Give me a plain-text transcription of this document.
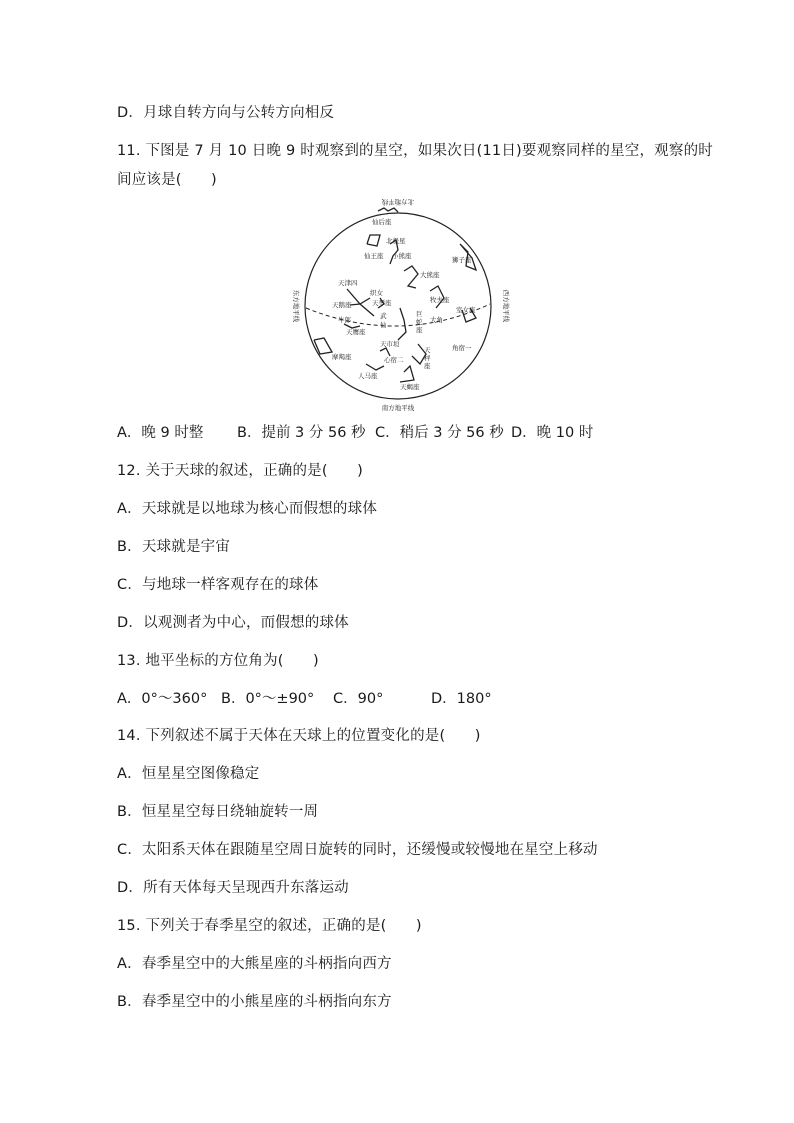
D．月球自转方向与公转方向相反
11. 下图是 7 月 10 日晚 9 时观察到的星空，如果次日(11日)要观察同样的星空，观察的时
间应该是(　　)
北方地平线
南方地平线
东方地平线	西方地平线
仙后座
北极星
仙王座 小熊座	狮子座
大熊座
天津四
织女
天鹅座	天琴座	牧夫座
室女座
牛郎	武
仙
巨
蛇
座
大角
天鹰座
天市垣	角宿一
摩羯座	心宿二
天
秤
座
人马座
天蝎座
A．晚 9 时整 B．提前 3 分 56 秒 C．稍后 3 分 56 秒 D．晚 10 时
12. 关于天球的叙述，正确的是(　　)
A．天球就是以地球为核心而假想的球体
B．天球就是宇宙
C．与地球一样客观存在的球体
D．以观测者为中心，而假想的球体
13. 地平坐标的方位角为(　　)
A．0°～360° B．0°～±90° C．90°	D．180°
14. 下列叙述不属于天体在天球上的位置变化的是(　　)
A．恒星星空图像稳定
B．恒星星空每日绕轴旋转一周
C．太阳系天体在跟随星空周日旋转的同时，还缓慢或较慢地在星空上移动
D．所有天体每天呈现西升东落运动
15. 下列关于春季星空的叙述，正确的是(　　)
A．春季星空中的大熊星座的斗柄指向西方
B．春季星空中的小熊星座的斗柄指向东方
